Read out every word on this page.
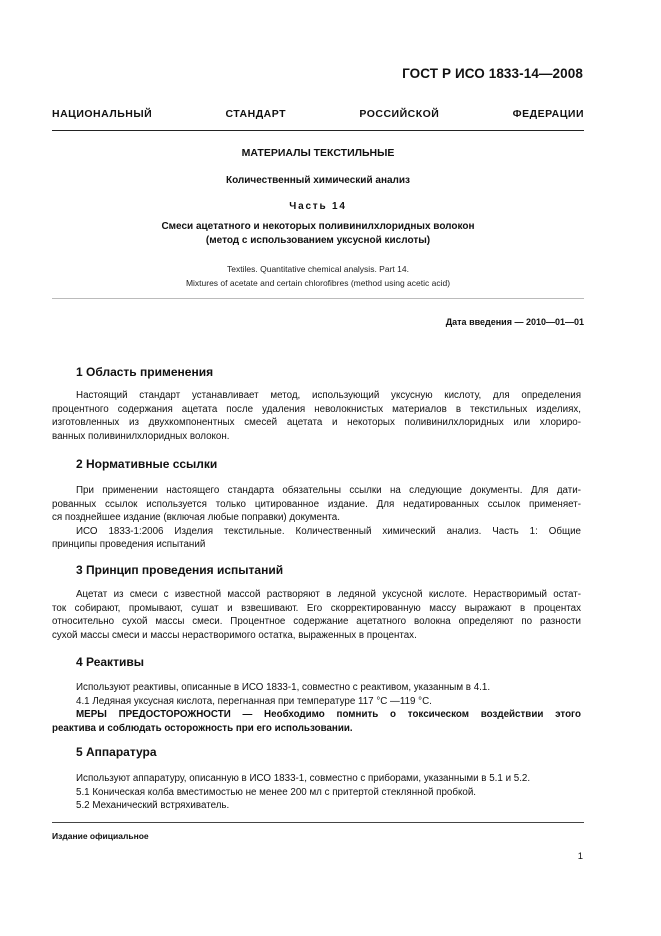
ГОСТ Р ИСО 1833-14—2008
НАЦИОНАЛЬНЫЙ СТАНДАРТ РОССИЙСКОЙ ФЕДЕРАЦИИ
МАТЕРИАЛЫ ТЕКСТИЛЬНЫЕ
Количественный химический анализ
Часть 14
Смеси ацетатного и некоторых поливинилхлоридных волокон
(метод с использованием уксусной кислоты)
Textiles. Quantitative chemical analysis. Part 14.
Mixtures of acetate and certain chlorofibres (method using acetic acid)
Дата введения — 2010—01—01
1 Область применения
Настоящий стандарт устанавливает метод, использующий уксусную кислоту, для определения
процентного содержания ацетата после удаления неволокнистых материалов в текстильных изделиях,
изготовленных из двухкомпонентных смесей ацетата и некоторых поливинилхлоридных или хлориро-
ванных поливинилхлоридных волокон.
2 Нормативные ссылки
При применении настоящего стандарта обязательны ссылки на следующие документы. Для дати-
рованных ссылок используется только цитированное издание. Для недатированных ссылок применяет-
ся позднейшее издание (включая любые поправки) документа.
ИСО 1833-1:2006 Изделия текстильные. Количественный химический анализ. Часть 1: Общие
принципы проведения испытаний
3 Принцип проведения испытаний
Ацетат из смеси с известной массой растворяют в ледяной уксусной кислоте. Нерастворимый остат-
ток собирают, промывают, сушат и взвешивают. Его скорректированную массу выражают в процентах
относительно сухой массы смеси. Процентное содержание ацетатного волокна определяют по разности
сухой массы смеси и массы нерастворимого остатка, выраженных в процентах.
4 Реактивы
Используют реактивы, описанные в ИСО 1833-1, совместно с реактивом, указанным в 4.1.
4.1 Ледяная уксусная кислота, перегнанная при температуре 117 °C —119 °C.
МЕРЫ ПРЕДОСТОРОЖНОСТИ — Необходимо помнить о токсическом воздействии этого
реактива и соблюдать осторожность при его использовании.
5 Аппаратура
Используют аппаратуру, описанную в ИСО 1833-1, совместно с приборами, указанными в 5.1 и 5.2.
5.1 Коническая колба вместимостью не менее 200 мл с притертой стеклянной пробкой.
5.2 Механический встряхиватель.
Издание официальное
1
